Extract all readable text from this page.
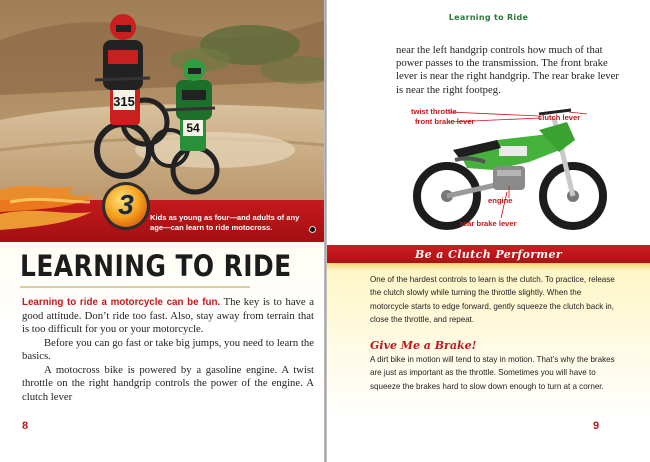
315
54
3	Kids as young as four—and adults of any age—can learn to ride motocross.
LEARNING TO RIDE

Learning to ride a motorcycle can be fun. The key is to have a good attitude. Don’t ride too fast. Also, stay away from terrain that is too difficult for you or your motorcycle.

Before you can go fast or take big jumps, you need to learn the basics.

A motocross bike is powered by a gasoline engine. A twist throttle on the right handgrip controls the power of the engine. A clutch lever

8
Learning to Ride
near the left handgrip controls how much of that power passes to the transmission. The front brake lever is near the right handgrip. The rear brake lever is near the right footpeg.
twist throttle
front brake lever	clutch lever
engine
rear brake lever
Be a Clutch Performer
One of the hardest controls to learn is the clutch. To practice, release the clutch slowly while turning the throttle slightly. When the motorcycle starts to edge forward, gently squeeze the clutch back in, close the throttle, and repeat.
Give Me a Brake!
A dirt bike in motion will tend to stay in motion. That’s why the brakes are just as important as the throttle. Sometimes you will have to squeeze the brakes hard to slow down enough to turn at a corner.
9
